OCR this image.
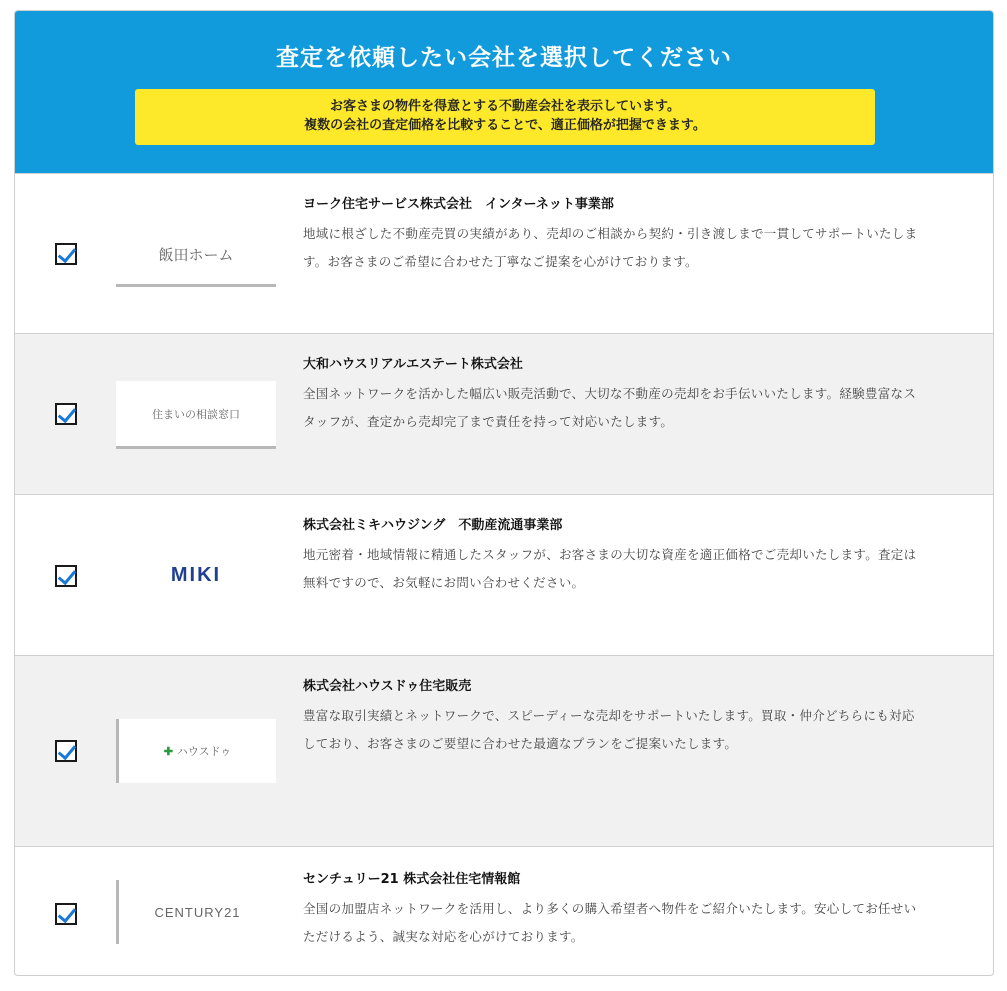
査定を依頼したい会社を選択してください
お客さまの物件を得意とする不動産会社を表示しています。
複数の会社の査定価格を比較することで、適正価格が把握できます。
飯田ホーム
ヨーク住宅サービス株式会社　インターネット事業部
地域に根ざした不動産売買の実績があり、売却のご相談から契約・引き渡しまで一貫してサポートいたします。お客さまのご希望に合わせた丁寧なご提案を心がけております。
住まいの相談窓口
大和ハウスリアルエステート株式会社
全国ネットワークを活かした幅広い販売活動で、大切な不動産の売却をお手伝いいたします。経験豊富なスタッフが、査定から売却完了まで責任を持って対応いたします。
MIKI
株式会社ミキハウジング　不動産流通事業部
地元密着・地域情報に精通したスタッフが、お客さまの大切な資産を適正価格でご売却いたします。査定は無料ですので、お気軽にお問い合わせください。
✚ ハウスドゥ
株式会社ハウスドゥ住宅販売
豊富な取引実績とネットワークで、スピーディーな売却をサポートいたします。買取・仲介どちらにも対応しており、お客さまのご要望に合わせた最適なプランをご提案いたします。
CENTURY21
センチュリー21 株式会社住宅情報館
全国の加盟店ネットワークを活用し、より多くの購入希望者へ物件をご紹介いたします。安心してお任せいただけるよう、誠実な対応を心がけております。
